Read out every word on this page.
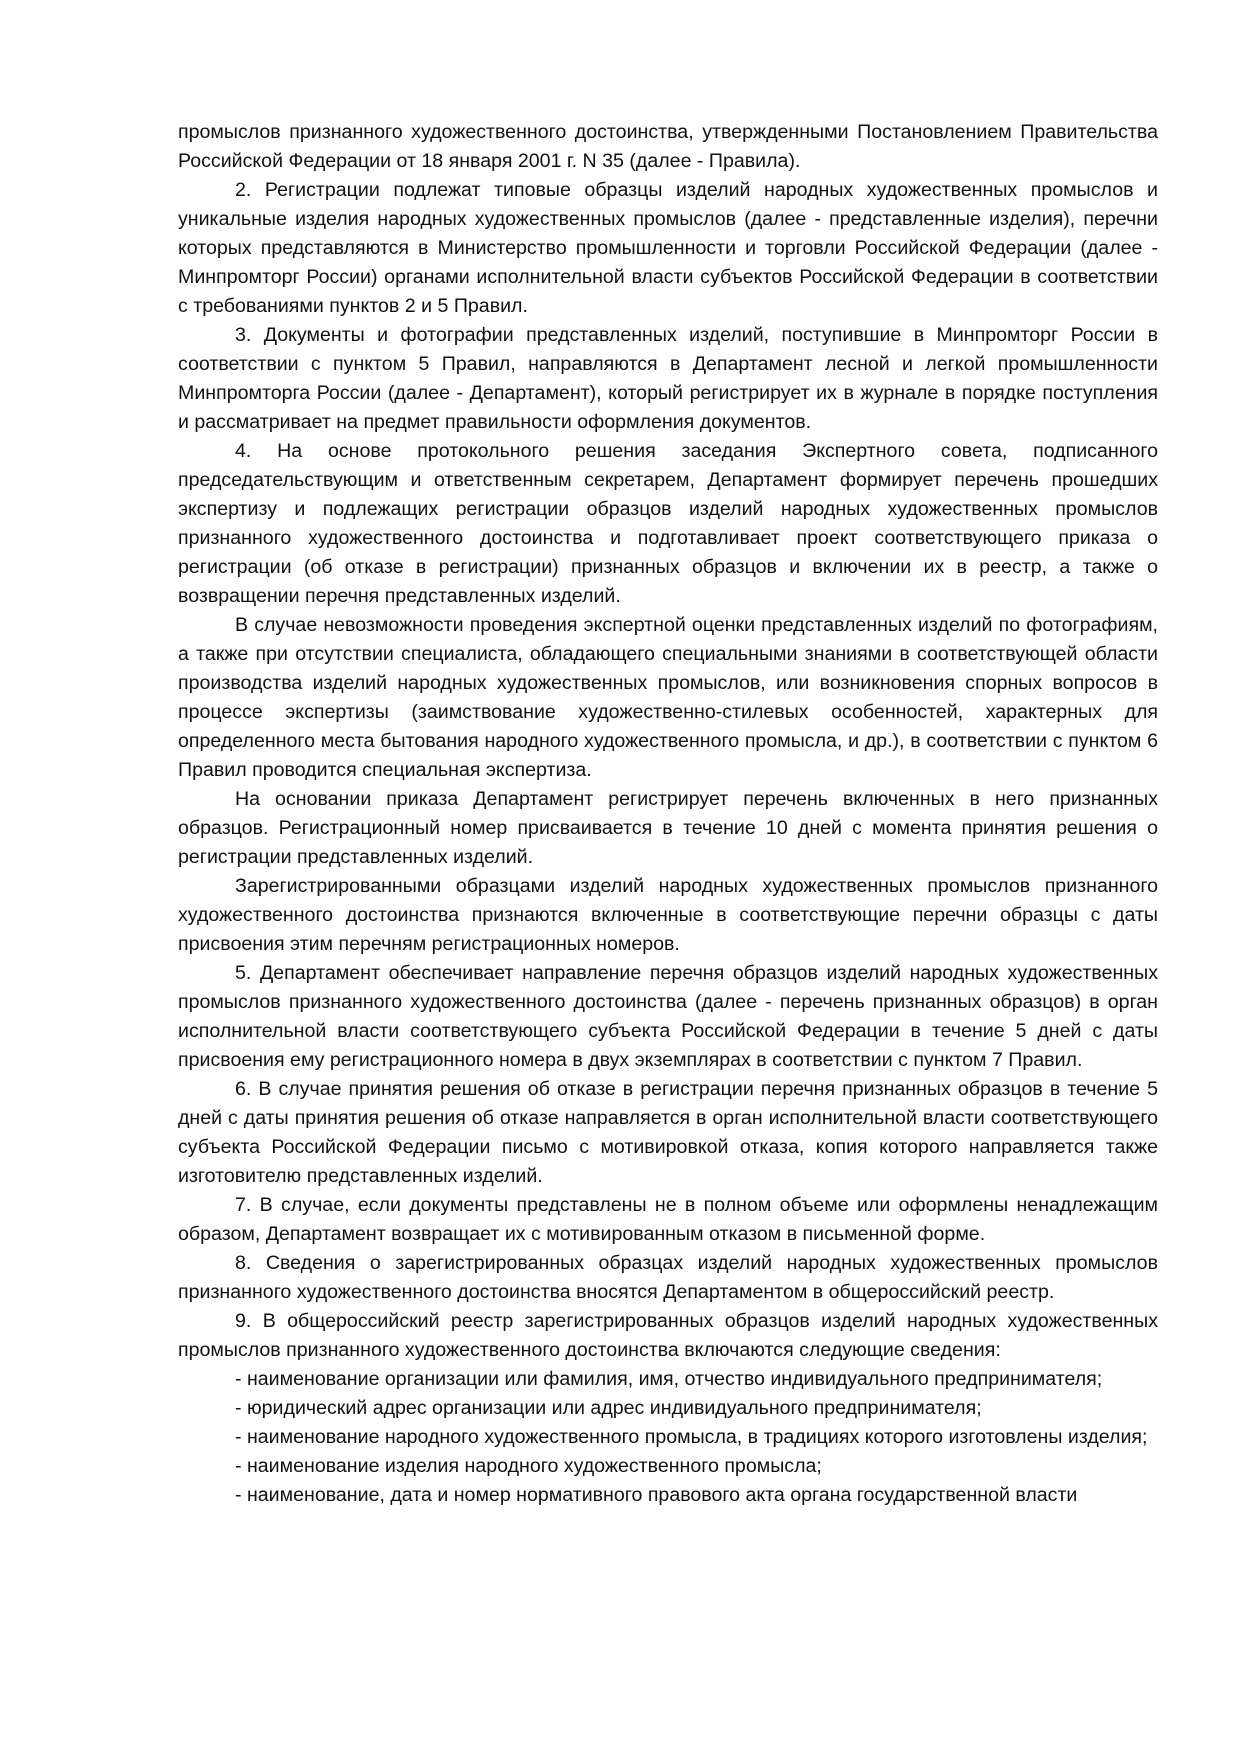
промыслов признанного художественного достоинства, утвержденными Постановлением Правительства Российской Федерации от 18 января 2001 г. N 35 (далее - Правила).

2. Регистрации подлежат типовые образцы изделий народных художественных промыслов и уникальные изделия народных художественных промыслов (далее - представленные изделия), перечни которых представляются в Министерство промышленности и торговли Российской Федерации (далее - Минпромторг России) органами исполнительной власти субъектов Российской Федерации в соответствии с требованиями пунктов 2 и 5 Правил.

3. Документы и фотографии представленных изделий, поступившие в Минпромторг России в соответствии с пунктом 5 Правил, направляются в Департамент лесной и легкой промышленности Минпромторга России (далее - Департамент), который регистрирует их в журнале в порядке поступления и рассматривает на предмет правильности оформления документов.

4. На основе протокольного решения заседания Экспертного совета, подписанного председательствующим и ответственным секретарем, Департамент формирует перечень прошедших экспертизу и подлежащих регистрации образцов изделий народных художественных промыслов признанного художественного достоинства и подготавливает проект соответствующего приказа о регистрации (об отказе в регистрации) признанных образцов и включении их в реестр, а также о возвращении перечня представленных изделий.

В случае невозможности проведения экспертной оценки представленных изделий по фотографиям, а также при отсутствии специалиста, обладающего специальными знаниями в соответствующей области производства изделий народных художественных промыслов, или возникновения спорных вопросов в процессе экспертизы (заимствование художественно-стилевых особенностей, характерных для определенного места бытования народного художественного промысла, и др.), в соответствии с пунктом 6 Правил проводится специальная экспертиза.

На основании приказа Департамент регистрирует перечень включенных в него признанных образцов. Регистрационный номер присваивается в течение 10 дней с момента принятия решения о регистрации представленных изделий.

Зарегистрированными образцами изделий народных художественных промыслов признанного художественного достоинства признаются включенные в соответствующие перечни образцы с даты присвоения этим перечням регистрационных номеров.

5. Департамент обеспечивает направление перечня образцов изделий народных художественных промыслов признанного художественного достоинства (далее - перечень признанных образцов) в орган исполнительной власти соответствующего субъекта Российской Федерации в течение 5 дней с даты присвоения ему регистрационного номера в двух экземплярах в соответствии с пунктом 7 Правил.

6. В случае принятия решения об отказе в регистрации перечня признанных образцов в течение 5 дней с даты принятия решения об отказе направляется в орган исполнительной власти соответствующего субъекта Российской Федерации письмо с мотивировкой отказа, копия которого направляется также изготовителю представленных изделий.

7. В случае, если документы представлены не в полном объеме или оформлены ненадлежащим образом, Департамент возвращает их с мотивированным отказом в письменной форме.

8. Сведения о зарегистрированных образцах изделий народных художественных промыслов признанного художественного достоинства вносятся Департаментом в общероссийский реестр.

9. В общероссийский реестр зарегистрированных образцов изделий народных художественных промыслов признанного художественного достоинства включаются следующие сведения:

- наименование организации или фамилия, имя, отчество индивидуального предпринимателя;

- юридический адрес организации или адрес индивидуального предпринимателя;

- наименование народного художественного промысла, в традициях которого изготовлены изделия;

- наименование изделия народного художественного промысла;

- наименование, дата и номер нормативного правового акта органа государственной власти
